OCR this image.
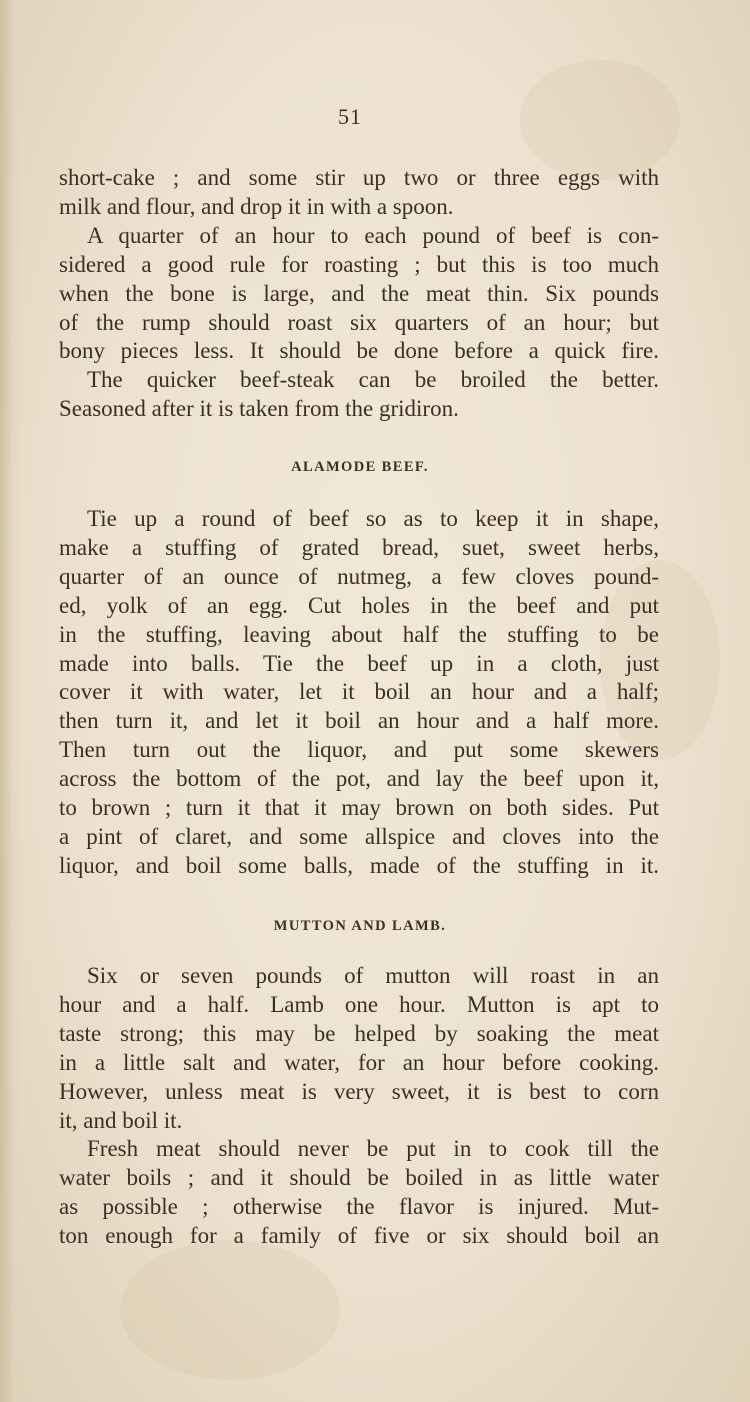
51
short-cake ; and some stir up two or three eggs with
milk and flour, and drop it in with a spoon.
A quarter of an hour to each pound of beef is con-
sidered a good rule for roasting ; but this is too much
when the bone is large, and the meat thin. Six pounds
of the rump should roast six quarters of an hour; but
bony pieces less. It should be done before a quick fire.
The quicker beef-steak can be broiled the better.
Seasoned after it is taken from the gridiron.
ALAMODE BEEF.
Tie up a round of beef so as to keep it in shape,
make a stuffing of grated bread, suet, sweet herbs,
quarter of an ounce of nutmeg, a few cloves pound-
ed, yolk of an egg. Cut holes in the beef and put
in the stuffing, leaving about half the stuffing to be
made into balls. Tie the beef up in a cloth, just
cover it with water, let it boil an hour and a half;
then turn it, and let it boil an hour and a half more.
Then turn out the liquor, and put some skewers
across the bottom of the pot, and lay the beef upon it,
to brown ; turn it that it may brown on both sides. Put
a pint of claret, and some allspice and cloves into the
liquor, and boil some balls, made of the stuffing in it.
MUTTON AND LAMB.
Six or seven pounds of mutton will roast in an
hour and a half. Lamb one hour. Mutton is apt to
taste strong; this may be helped by soaking the meat
in a little salt and water, for an hour before cooking.
However, unless meat is very sweet, it is best to corn
it, and boil it.
Fresh meat should never be put in to cook till the
water boils ; and it should be boiled in as little water
as possible ; otherwise the flavor is injured. Mut-
ton enough for a family of five or six should boil an
